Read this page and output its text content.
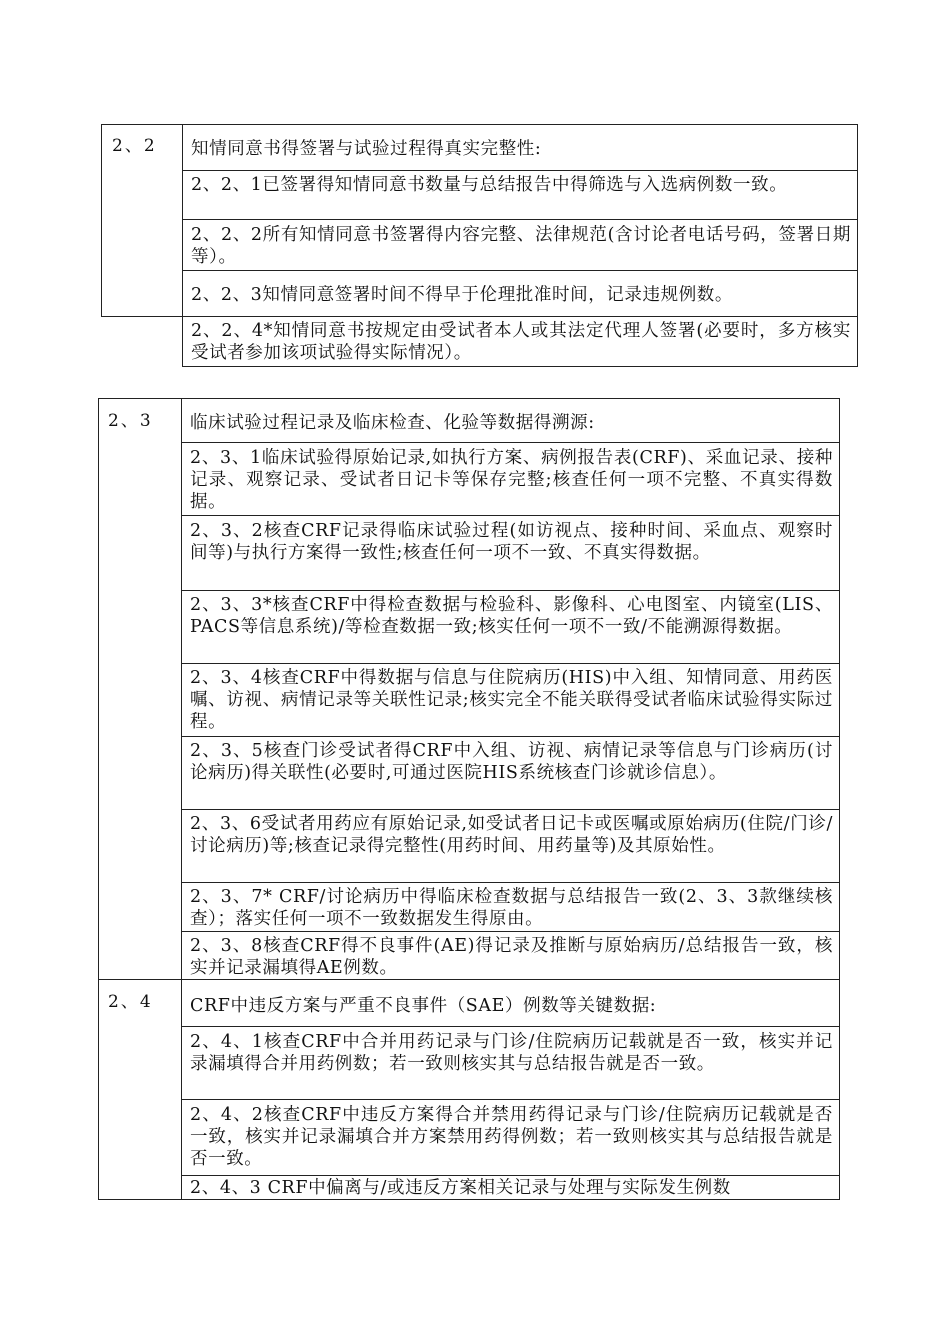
2、2	知情同意书得签署与试验过程得真实完整性:
2、2、1已签署得知情同意书数量与总结报告中得筛选与入选病例数一致。
2、2、2所有知情同意书签署得内容完整、法律规范(含讨论者电话号码，签署日期等）。
2、2、3知情同意签署时间不得早于伦理批准时间，记录违规例数。
2、2、4*知情同意书按规定由受试者本人或其法定代理人签署(必要时，多方核实受试者参加该项试验得实际情况）。
2、3	临床试验过程记录及临床检查、化验等数据得溯源:
2、3、1临床试验得原始记录,如执行方案、病例报告表(CRF)、采血记录、接种记录、观察记录、受试者日记卡等保存完整;核查任何一项不完整、不真实得数据。
2、3、2核查CRF记录得临床试验过程(如访视点、接种时间、采血点、观察时间等)与执行方案得一致性;核查任何一项不一致、不真实得数据。
2、3、3*核查CRF中得检查数据与检验科、影像科、心电图室、内镜室(LIS、PACS等信息系统)/等检查数据一致;核实任何一项不一致/不能溯源得数据。
2、3、4核查CRF中得数据与信息与住院病历(HIS)中入组、知情同意、用药医嘱、访视、病情记录等关联性记录;核实完全不能关联得受试者临床试验得实际过程。
2、3、5核查门诊受试者得CRF中入组、访视、病情记录等信息与门诊病历(讨论病历)得关联性(必要时,可通过医院HIS系统核查门诊就诊信息）。
2、3、6受试者用药应有原始记录,如受试者日记卡或医嘱或原始病历(住院/门诊/讨论病历)等;核查记录得完整性(用药时间、用药量等)及其原始性。
2、3、7* CRF/讨论病历中得临床检查数据与总结报告一致(2、3、3款继续核查）；落实任何一项不一致数据发生得原由。
2、3、8核查CRF得不良事件(AE)得记录及推断与原始病历/总结报告一致，核实并记录漏填得AE例数。
2、4	CRF中违反方案与严重不良事件（SAE）例数等关键数据:
2、4、1核查CRF中合并用药记录与门诊/住院病历记载就是否一致，核实并记录漏填得合并用药例数；若一致则核实其与总结报告就是否一致。
2、4、2核查CRF中违反方案得合并禁用药得记录与门诊/住院病历记载就是否一致，核实并记录漏填合并方案禁用药得例数；若一致则核实其与总结报告就是否一致。
2、4、3 CRF中偏离与/或违反方案相关记录与处理与实际发生例数
